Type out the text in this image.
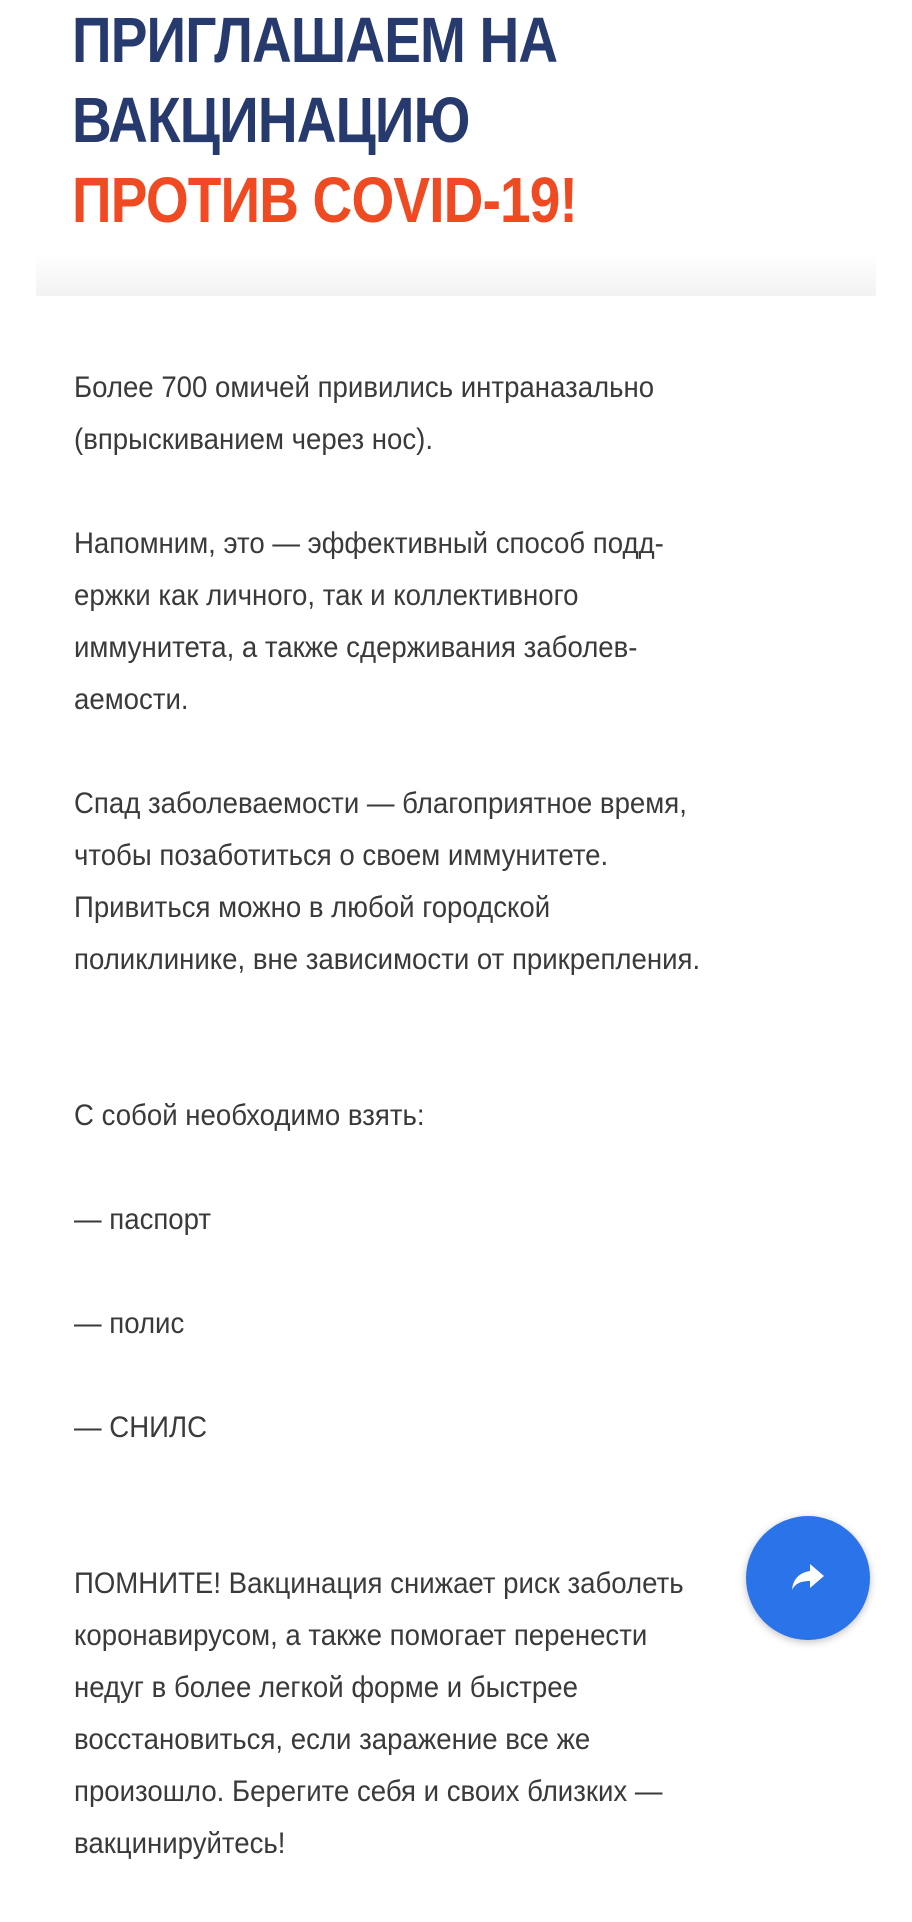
ПРИГЛАШАЕМ НА
ВАКЦИНАЦИЮ
ПРОТИВ COVID-19!

Более 700 омичей привились интраназально
(впрыскиванием через нос).

Напомним, это — эффективный способ подд-
ержки как личного, так и коллективного
иммунитета, а также сдерживания заболев-
аемости.

Спад заболеваемости — благоприятное время,
чтобы позаботиться о своем иммунитете.
Привиться можно в любой городской
поликлинике, вне зависимости от прикрепления.

С собой необходимо взять:

— паспорт

— полис

— СНИЛС

ПОМНИТЕ! Вакцинация снижает риск заболеть
коронавирусом, а также помогает перенести
недуг в более легкой форме и быстрее
восстановиться, если заражение все же
произошло. Берегите себя и своих близких —
вакцинируйтесь!
